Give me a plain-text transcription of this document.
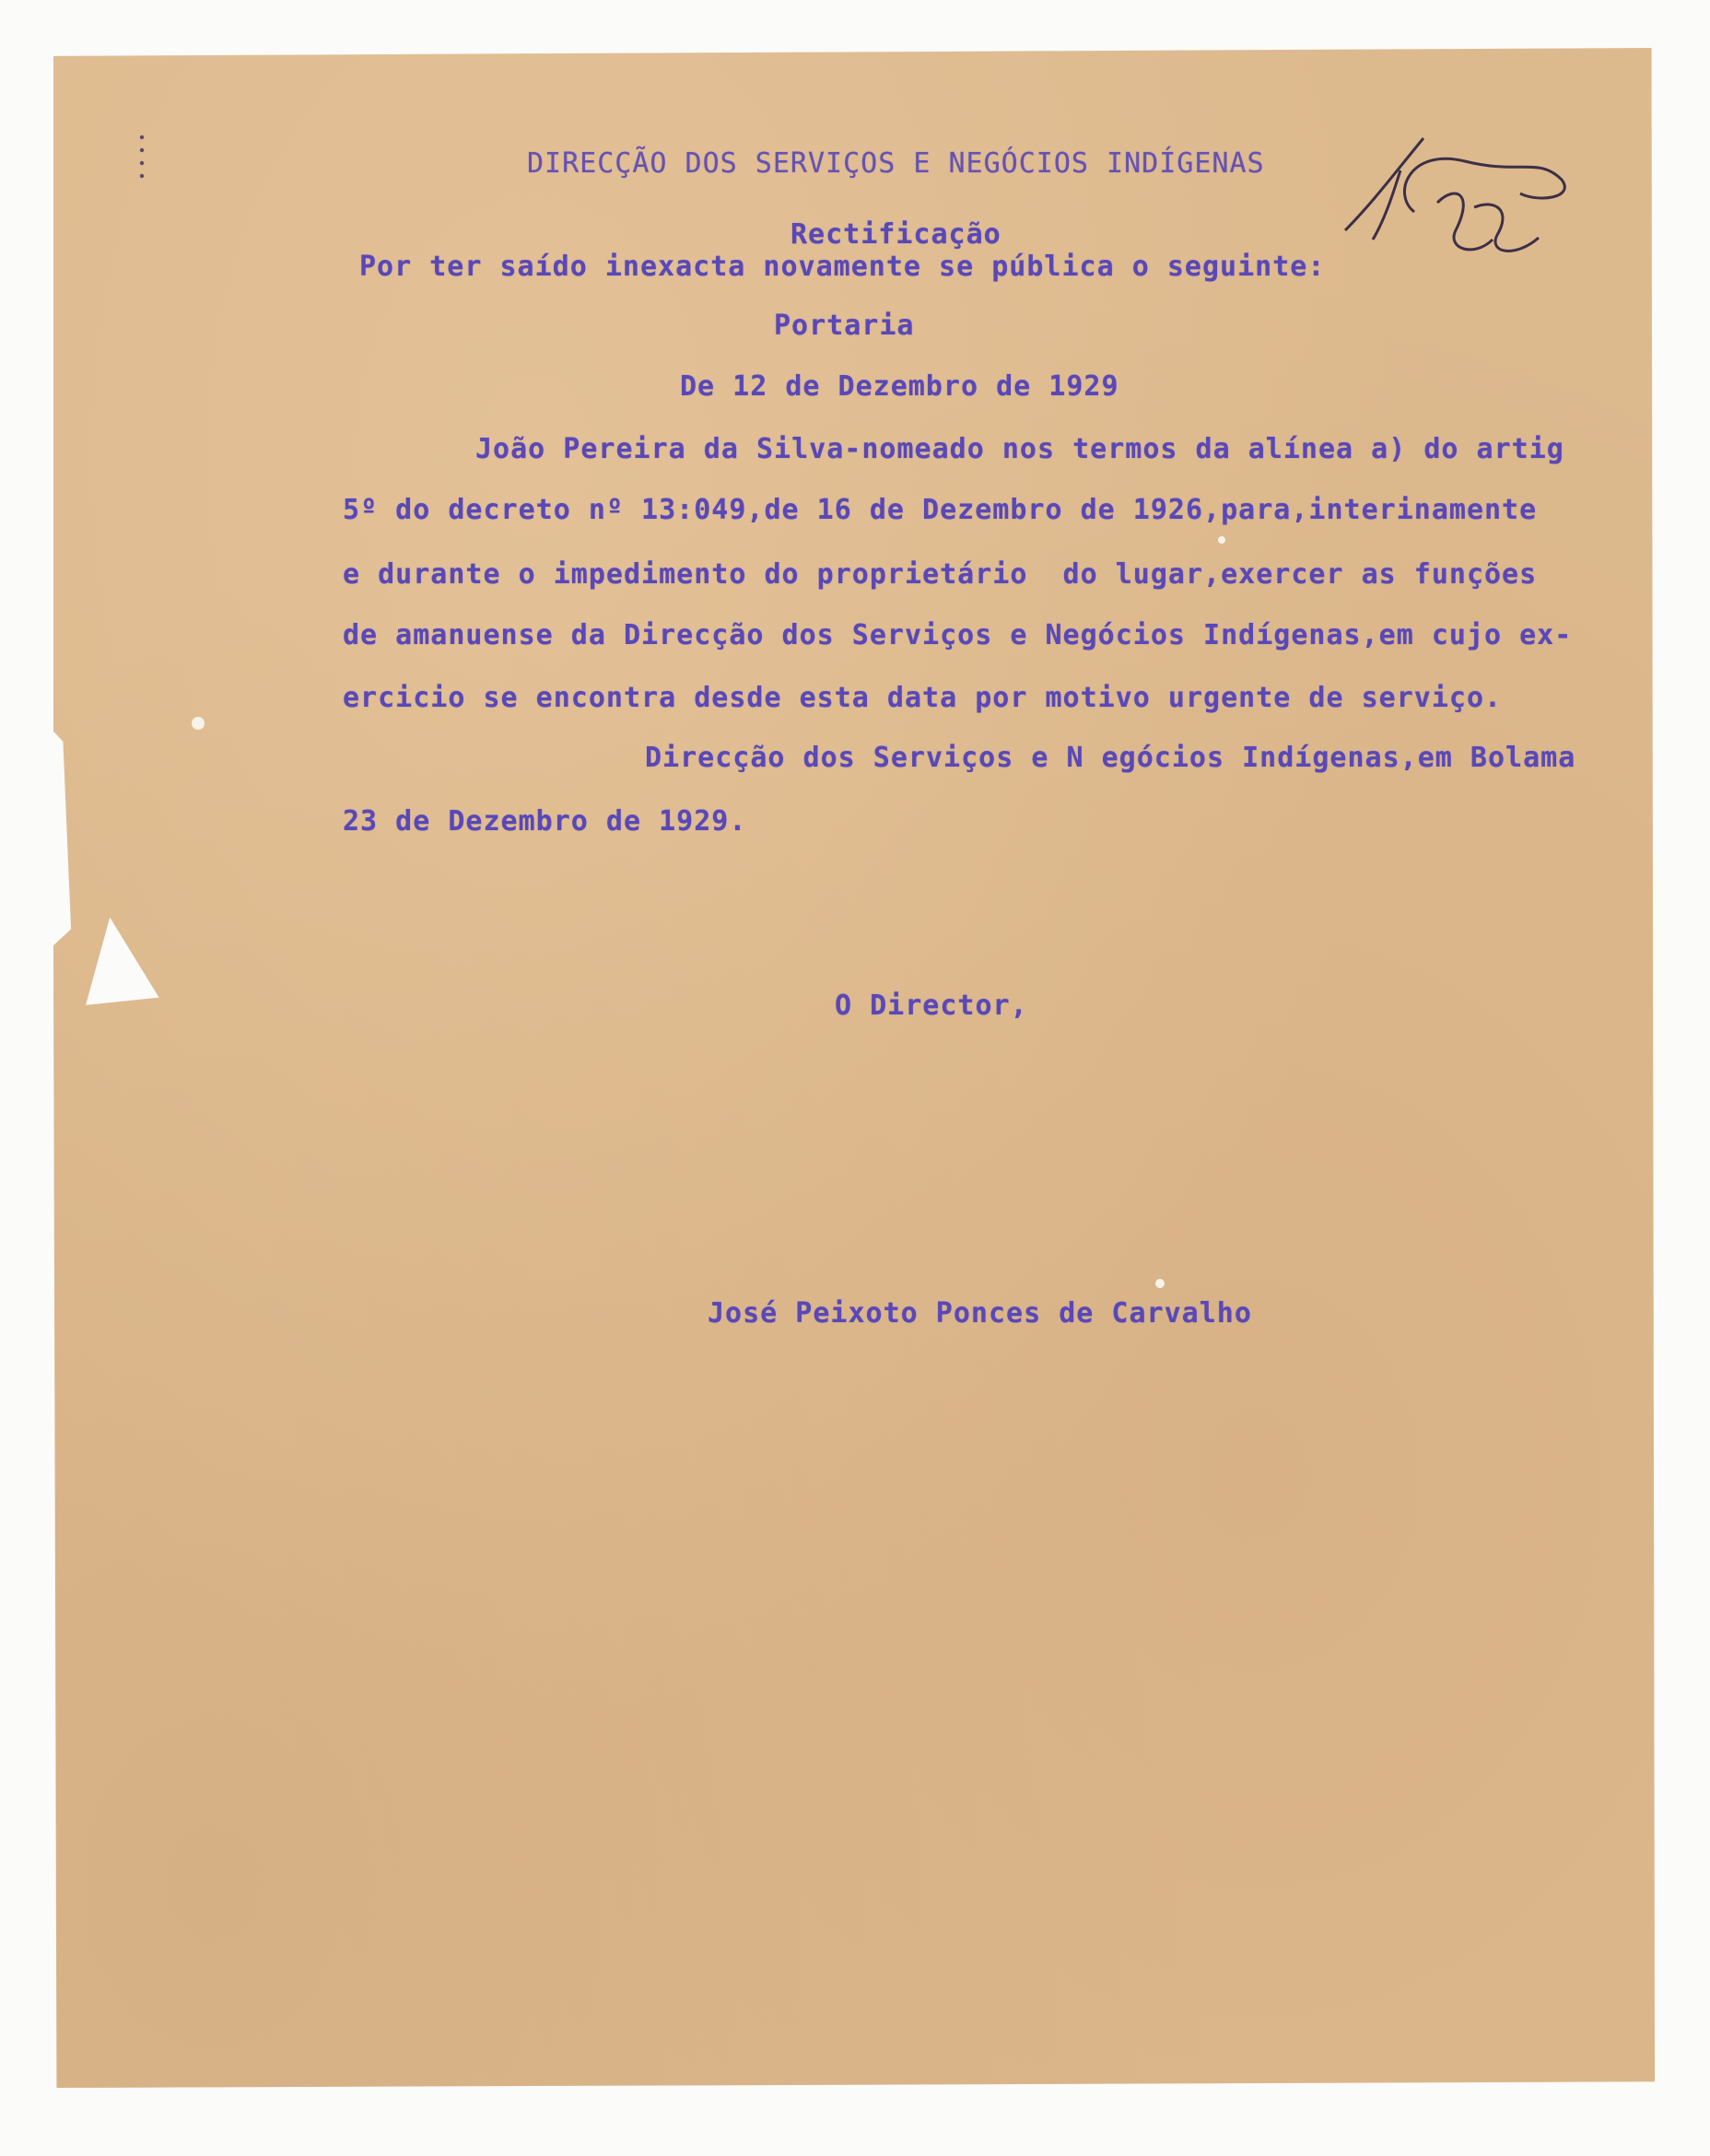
DIRECÇÃO DOS SERVIÇOS E NEGÓCIOS INDÍGENAS
Rectificação
Por ter saído inexacta novamente se pública o seguinte:
Portaria
De 12 de Dezembro de 1929
João Pereira da Silva-nomeado nos termos da alínea a) do artig
5º do decreto nº 13:049,de 16 de Dezembro de 1926,para,interinamente
e durante o impedimento do proprietário  do lugar,exercer as funções
de amanuense da Direcção dos Serviços e Negócios Indígenas,em cujo ex-
ercicio se encontra desde esta data por motivo urgente de serviço.
Direcção dos Serviços e N egócios Indígenas,em Bolama
23 de Dezembro de 1929.
O Director,
José Peixoto Ponces de Carvalho
